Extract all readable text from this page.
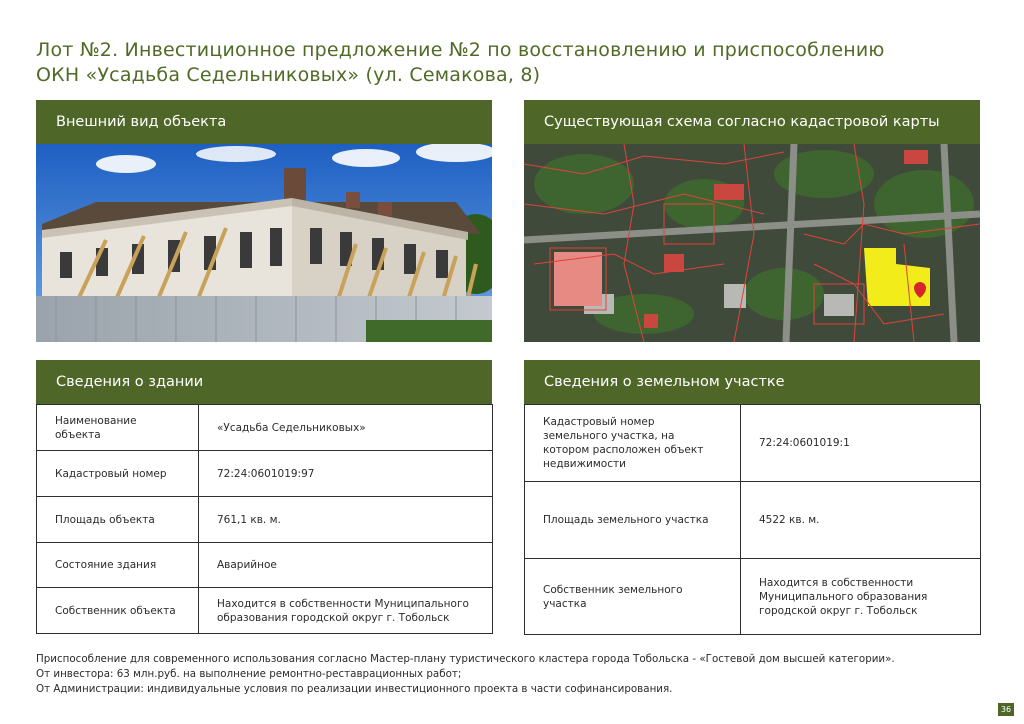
Лот №2. Инвестиционное предложение №2 по восстановлению и приспособлению
ОКН «Усадьба Седельниковых» (ул. Семакова, 8)
Внешний вид объекта	Существующая схема согласно кадастровой карты
Сведения о здании
Наименование объекта	«Усадьба Седельниковых»
Кадастровый номер	72:24:0601019:97
Площадь объекта	761,1 кв. м.
Состояние здания	Аварийное
Собственник объекта	Находится в собственности Муниципального образования городской округ г. Тобольск
Сведения о земельном участке
Кадастровый номер земельного участка, на котором расположен объект недвижимости	72:24:0601019:1
Площадь земельного участка	4522 кв. м.
Собственник земельного участка	Находится в собственности Муниципального образования городской округ г. Тобольск
Приспособление для современного использования согласно Мастер-плану туристического кластера города Тобольска - «Гостевой дом высшей категории».
От инвестора: 63 млн.руб. на выполнение ремонтно-реставрационных работ;
От Администрации: индивидуальные условия по реализации инвестиционного проекта в части софинансирования.
36
